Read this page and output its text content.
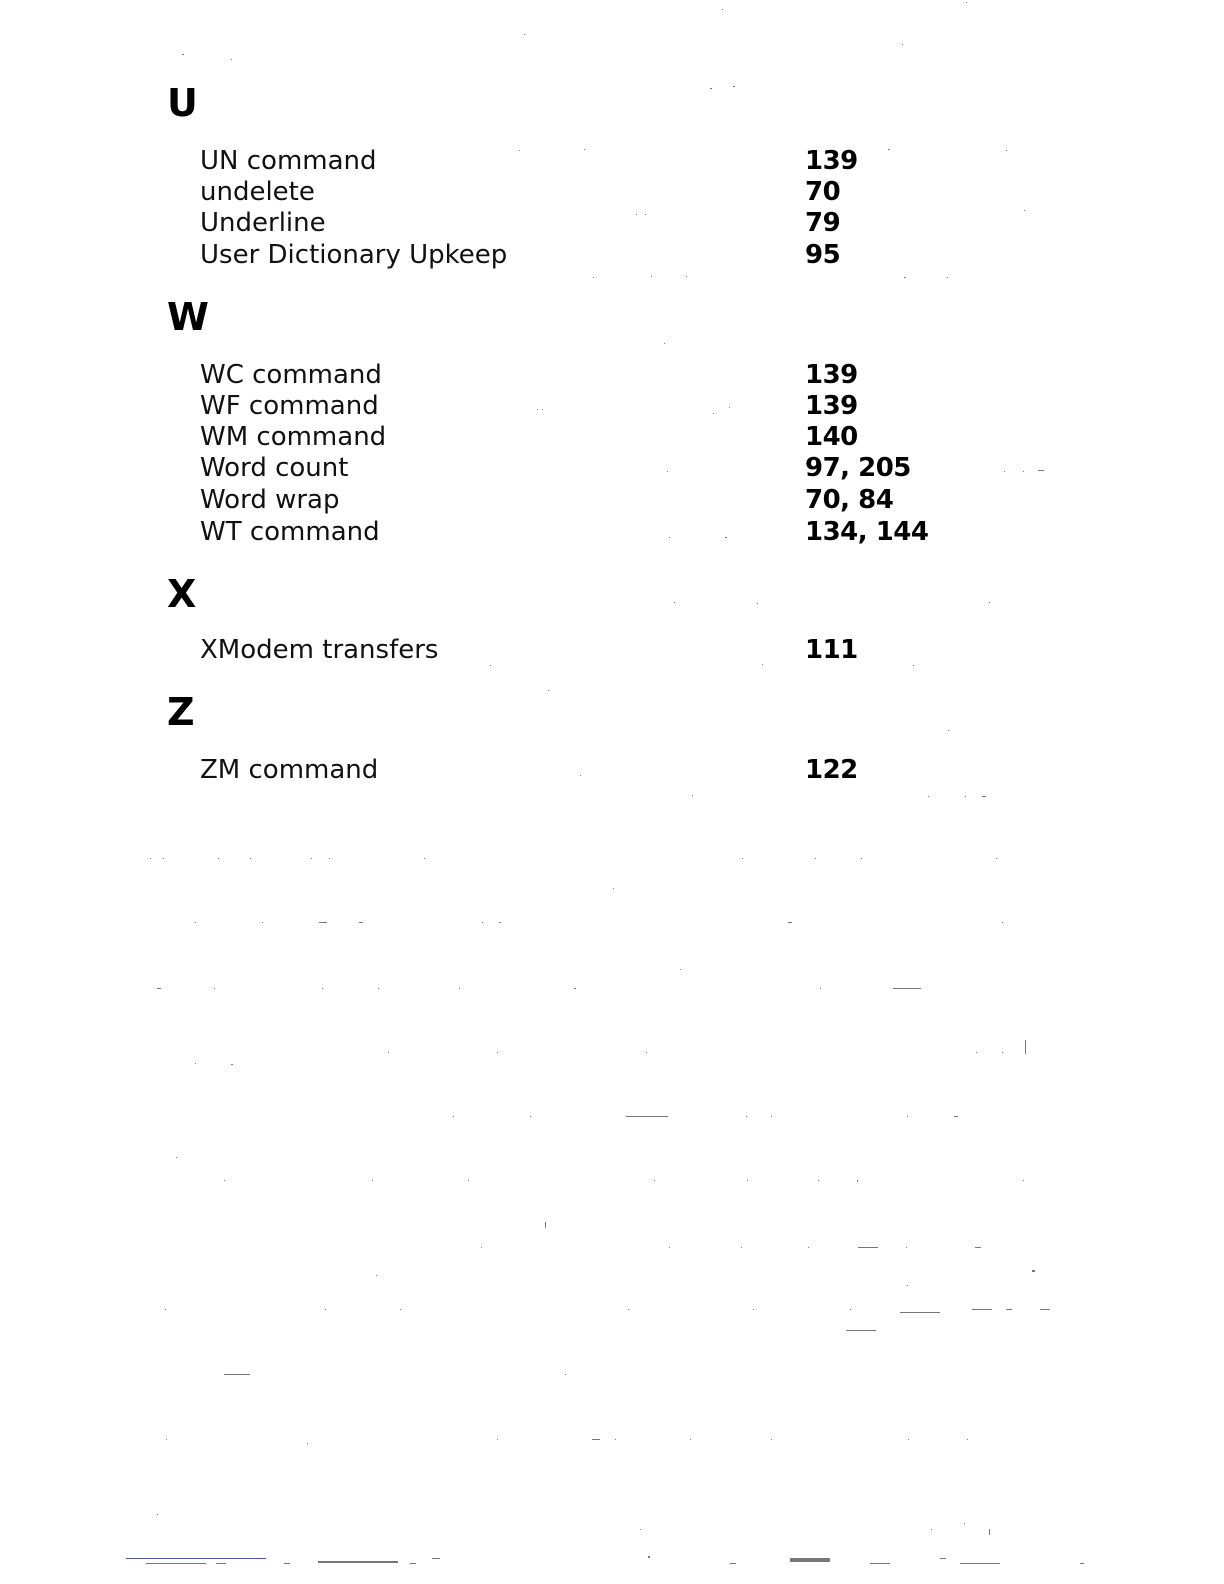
U
UN command	139
undelete	70
Underline	79
User Dictionary Upkeep	95
W
WC command	139
WF command	139
WM command	140
Word count	97, 205
Word wrap	70, 84
WT command	134, 144
X
XModem transfers	111
Z
ZM command	122
